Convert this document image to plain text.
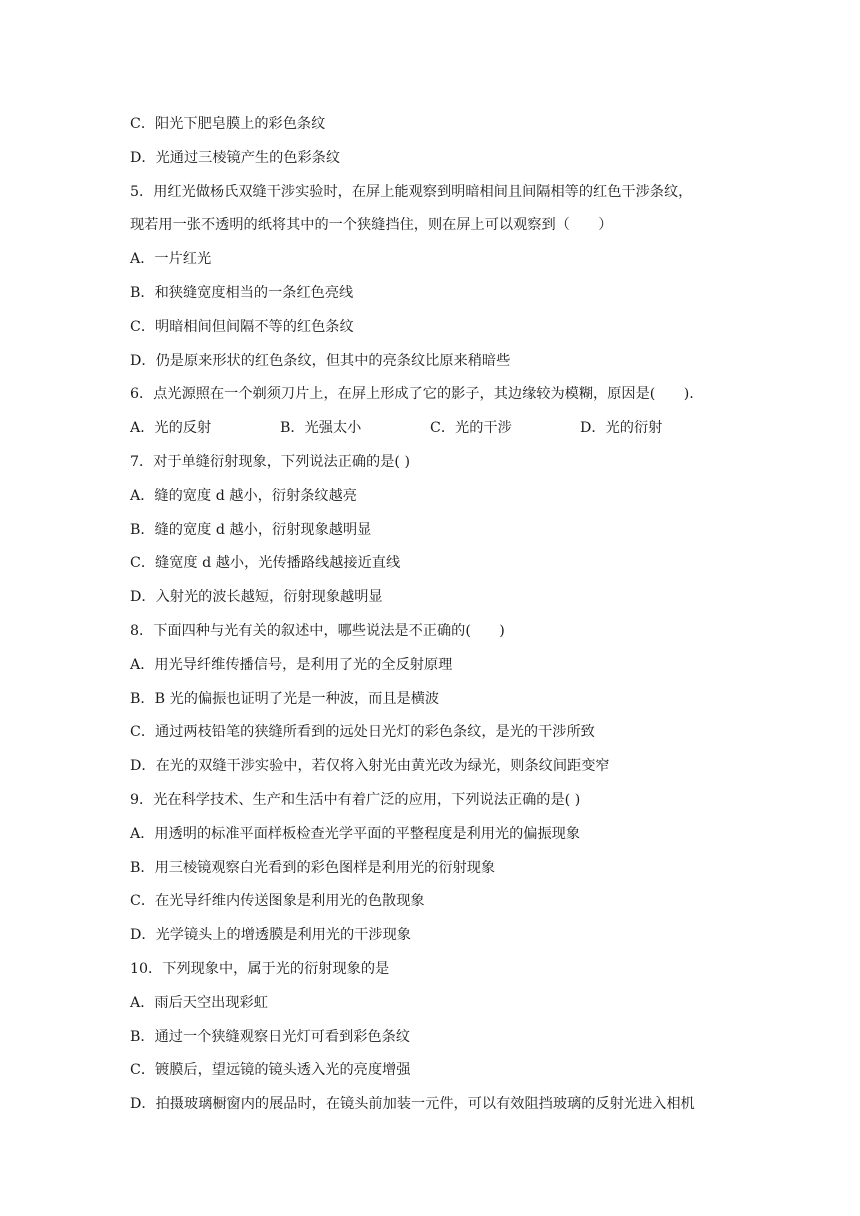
C．阳光下肥皂膜上的彩色条纹
D．光通过三棱镜产生的色彩条纹
5．用红光做杨氏双缝干涉实验时，在屏上能观察到明暗相间且间隔相等的红色干涉条纹，
现若用一张不透明的纸将其中的一个狭缝挡住，则在屏上可以观察到（　　）
A．一片红光
B．和狭缝宽度相当的一条红色亮线
C．明暗相间但间隔不等的红色条纹
D．仍是原来形状的红色条纹，但其中的亮条纹比原来稍暗些
6．点光源照在一个剃须刀片上，在屏上形成了它的影子，其边缘较为模糊，原因是(　　).
A．光的反射	B．光强太小	C．光的干涉	D．光的衍射
7．对于单缝衍射现象，下列说法正确的是( )
A．缝的宽度 d 越小，衍射条纹越亮
B．缝的宽度 d 越小，衍射现象越明显
C．缝宽度 d 越小，光传播路线越接近直线
D．入射光的波长越短，衍射现象越明显
8．下面四种与光有关的叙述中，哪些说法是不正确的(　　)
A．用光导纤维传播信号，是利用了光的全反射原理
B．B 光的偏振也证明了光是一种波，而且是横波
C．通过两枝铅笔的狭缝所看到的远处日光灯的彩色条纹，是光的干涉所致
D．在光的双缝干涉实验中，若仅将入射光由黄光改为绿光，则条纹间距变窄
9．光在科学技术、生产和生活中有着广泛的应用，下列说法正确的是( )
A．用透明的标准平面样板检查光学平面的平整程度是利用光的偏振现象
B．用三棱镜观察白光看到的彩色图样是利用光的衍射现象
C．在光导纤维内传送图象是利用光的色散现象
D．光学镜头上的增透膜是利用光的干涉现象
10．下列现象中，属于光的衍射现象的是
A．雨后天空出现彩虹
B．通过一个狭缝观察日光灯可看到彩色条纹
C．镀膜后，望远镜的镜头透入光的亮度增强
D．拍摄玻璃橱窗内的展品时，在镜头前加装一元件，可以有效阻挡玻璃的反射光进入相机
